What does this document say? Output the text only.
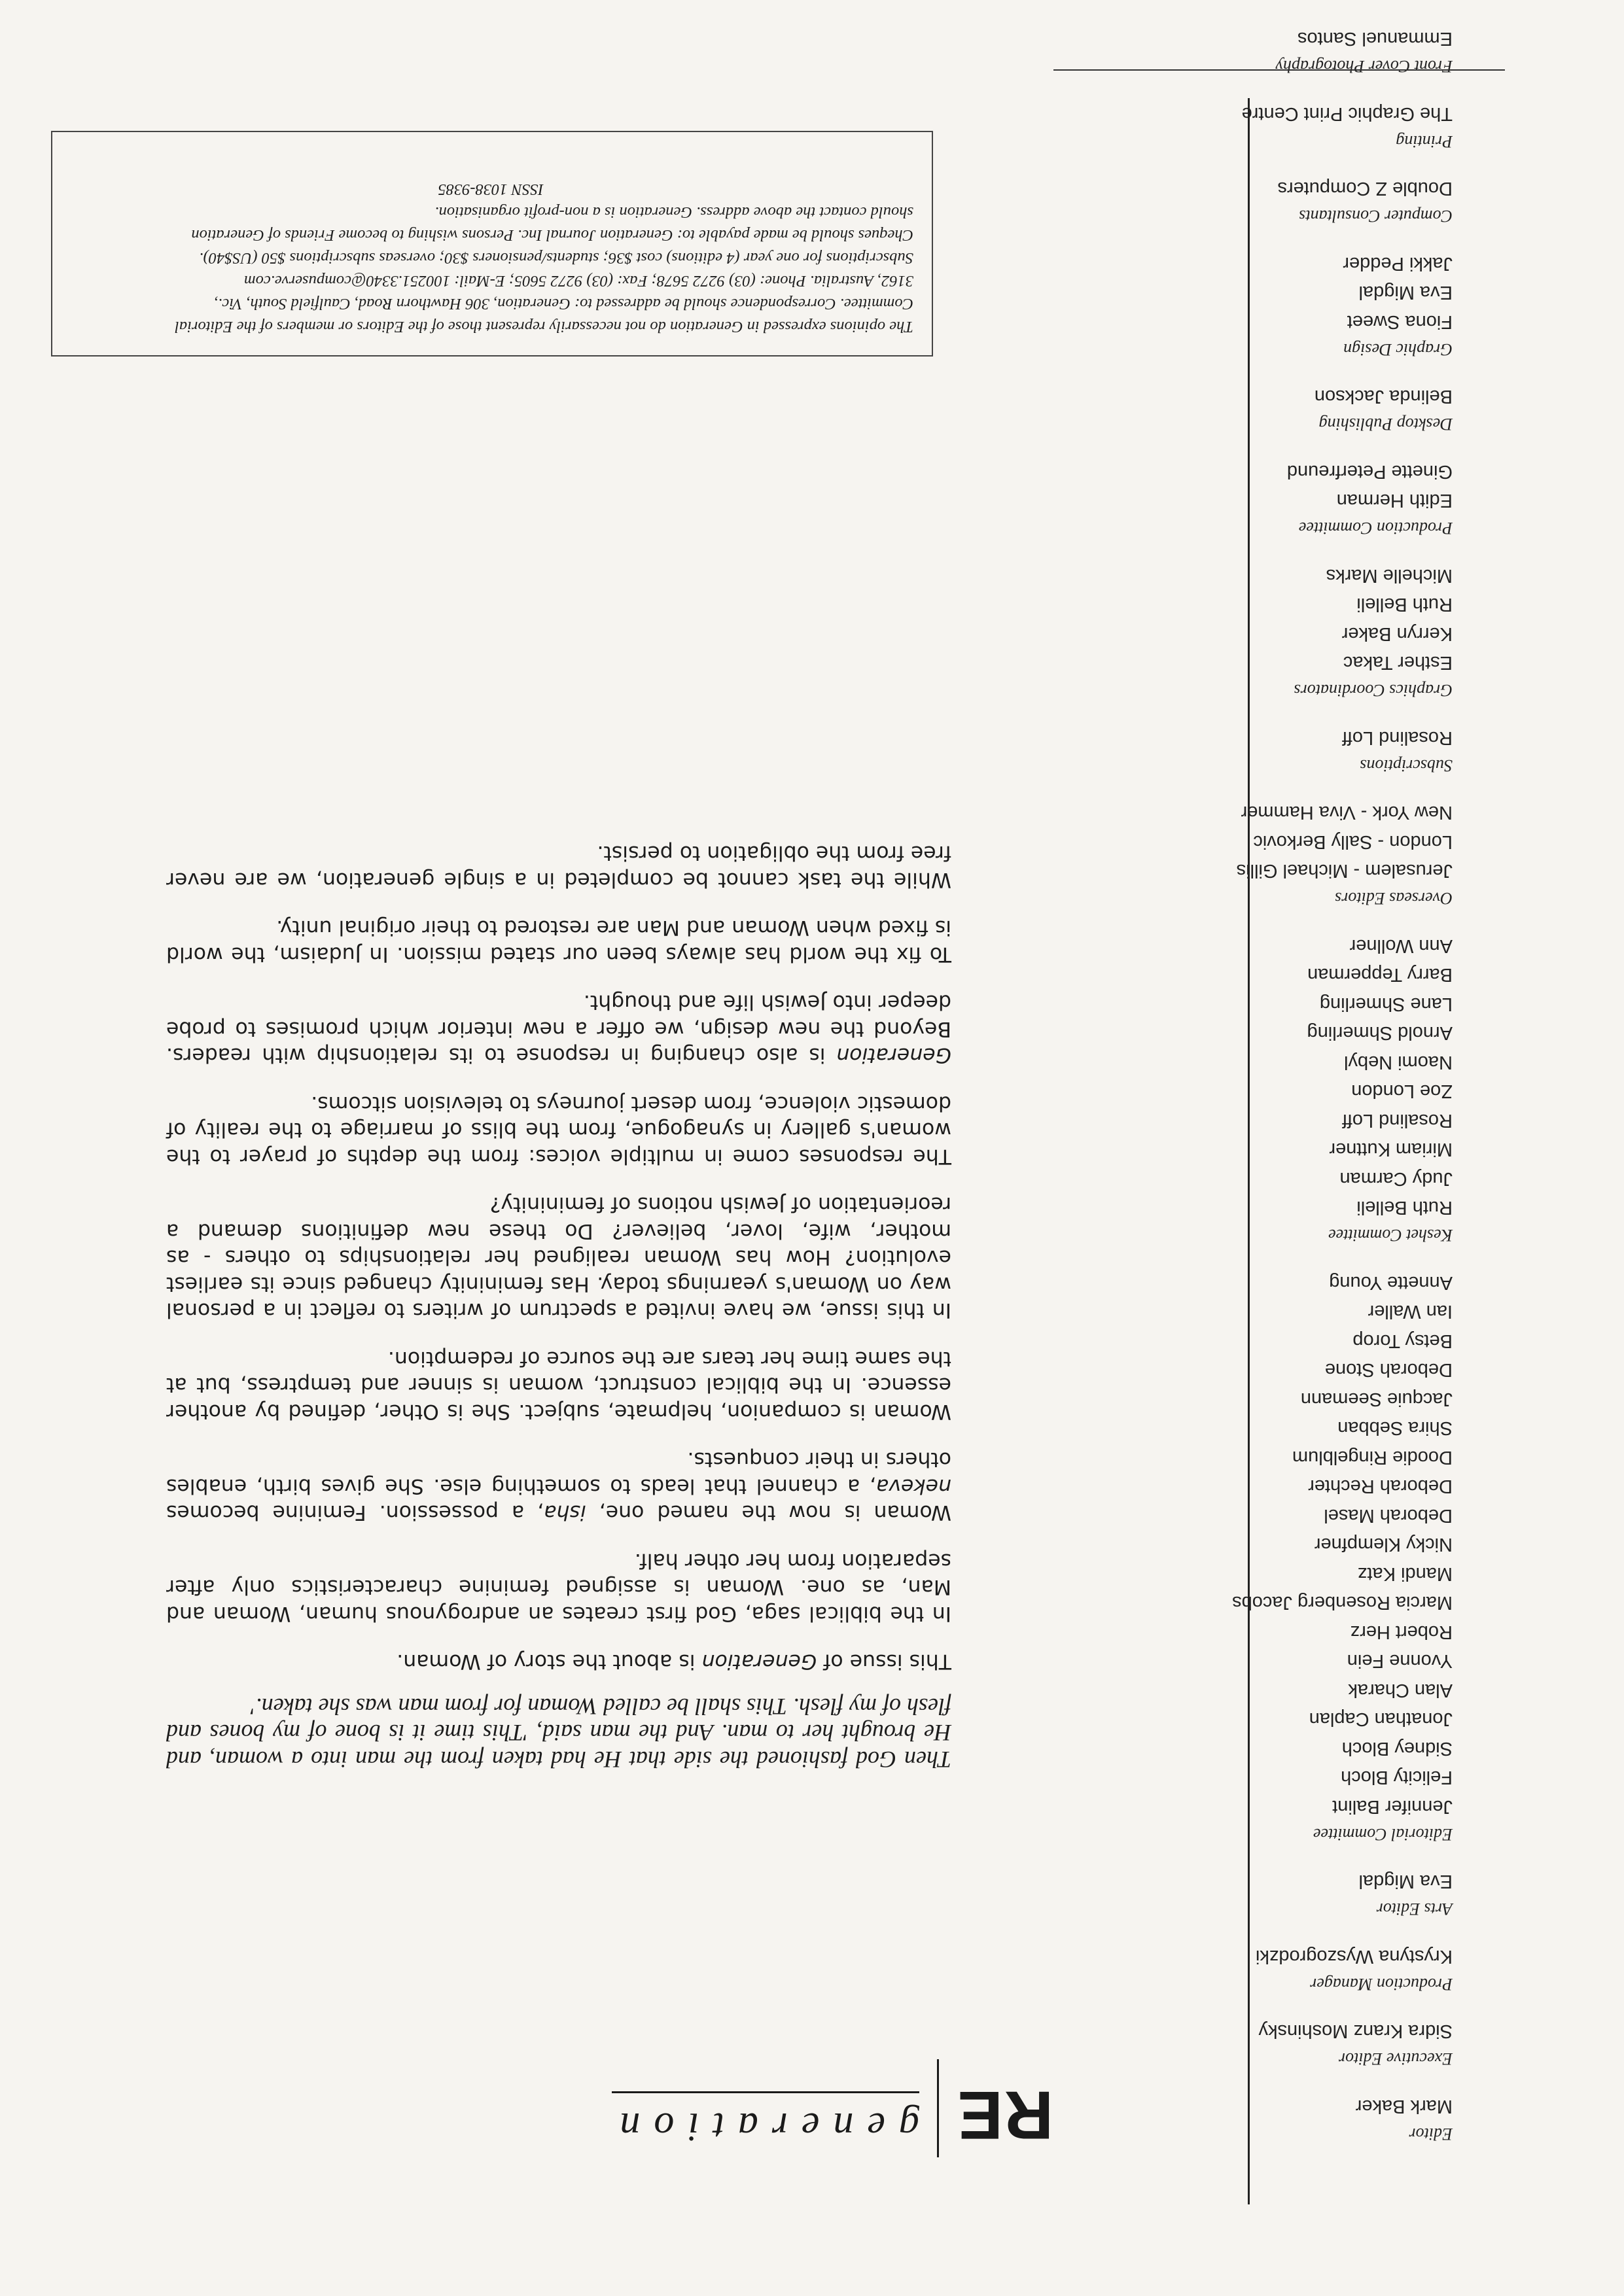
Editor
Mark Baker
Executive Editor
Sidra Kranz Moshinsky
Production Manager
Krystyna Wyszogrodzki
Arts Editor
Eva Migdal
Editorial Committee
Jennifer Balint
Felicity Bloch
Sidney Bloch
Jonathan Caplan
Alan Charak
Yvonne Fein
Robert Herz
Marcia Rosenberg Jacobs
Mandi Katz
Nicky Klempfner
Deborah Masel
Deborah Rechter
Doodie Ringelblum
Shira Sebban
Jacquie Seemann
Deborah Stone
Betsy Torop
Ian Waller
Annette Young
Keshet Committee
Ruth Belleli
Judy Carman
Miriam Kuttner
Rosalind Loff
Zoe London
Naomi Nebyl
Arnold Shmerling
Lane Shmerling
Barry Tepperman
Ann Wollner
Overseas Editors
Jerusalem - Michael Gillis
London - Sally Berkovic
New York - Viva Hammer
Subscriptions
Rosalind Loff
Graphics Coordinators
Esther Takac
Kerryn Baker
Ruth Belleli
Michelle Marks
Production Committee
Edith Herman
Ginette Peterfreund
Desktop Publishing
Belinda Jackson
Graphic Design
Fiona Sweet
Eva Migdal
Jakki Pedder
Computer Consultants
Double Z Computers
Printing
The Graphic Print Centre
Front Cover Photography
Emmanuel Santos
RE
generation

Then God fashioned the side that He had taken from the man into a woman, and He brought her to man. And the man said, 'This time it is bone of my bones and flesh of my flesh. This shall be called Woman for from man was she taken.'

This issue of Generation is about the story of Woman.

In the biblical saga, God first creates an androgynous human, Woman and Man, as one. Woman is assigned feminine characteristics only after separation from her other half.

Woman is now the named one, isha, a possession. Feminine becomes nekeva, a channel that leads to something else. She gives birth, enables others in their conquests.

Woman is companion, helpmate, subject. She is Other, defined by another essence. In the biblical construct, woman is sinner and temptress, but at the same time her tears are the source of redemption.

In this issue, we have invited a spectrum of writers to reflect in a personal way on Woman's yearnings today. Has femininity changed since its earliest evolution? How has Woman realigned her relationships to others - as mother, wife, lover, believer? Do these new definitions demand a reorientation of Jewish notions of femininity?

The responses come in multiple voices: from the depths of prayer to the woman's gallery in synagogue, from the bliss of marriage to the reality of domestic violence, from desert journeys to television sitcoms.

Generation is also changing in response to its relationship with readers. Beyond the new design, we offer a new interior which promises to probe deeper into Jewish life and thought.

To fix the world has always been our stated mission. In Judaism, the world is fixed when Woman and Man are restored to their original unity.

While the task cannot be completed in a single generation, we are never free from the obligation to persist.

The opinions expressed in Generation do not necessarily represent those of the Editors or members of the Editorial
Committee. Correspondence should be addressed to: Generation, 306 Hawthorn Road, Caulfield South, Vic.,
3162, Australia. Phone: (03) 9272 5678; Fax: (03) 9272 5605; E-Mail: 100251.3340@compuserve.com
Subscriptions for one year (4 editions) cost $36; students/pensioners $30; overseas subscriptions $50 (US$40).
Cheques should be made payable to: Generation Journal Inc. Persons wishing to become Friends of Generation
should contact the above address. Generation is a non-profit organisation.
ISSN 1038-9385
